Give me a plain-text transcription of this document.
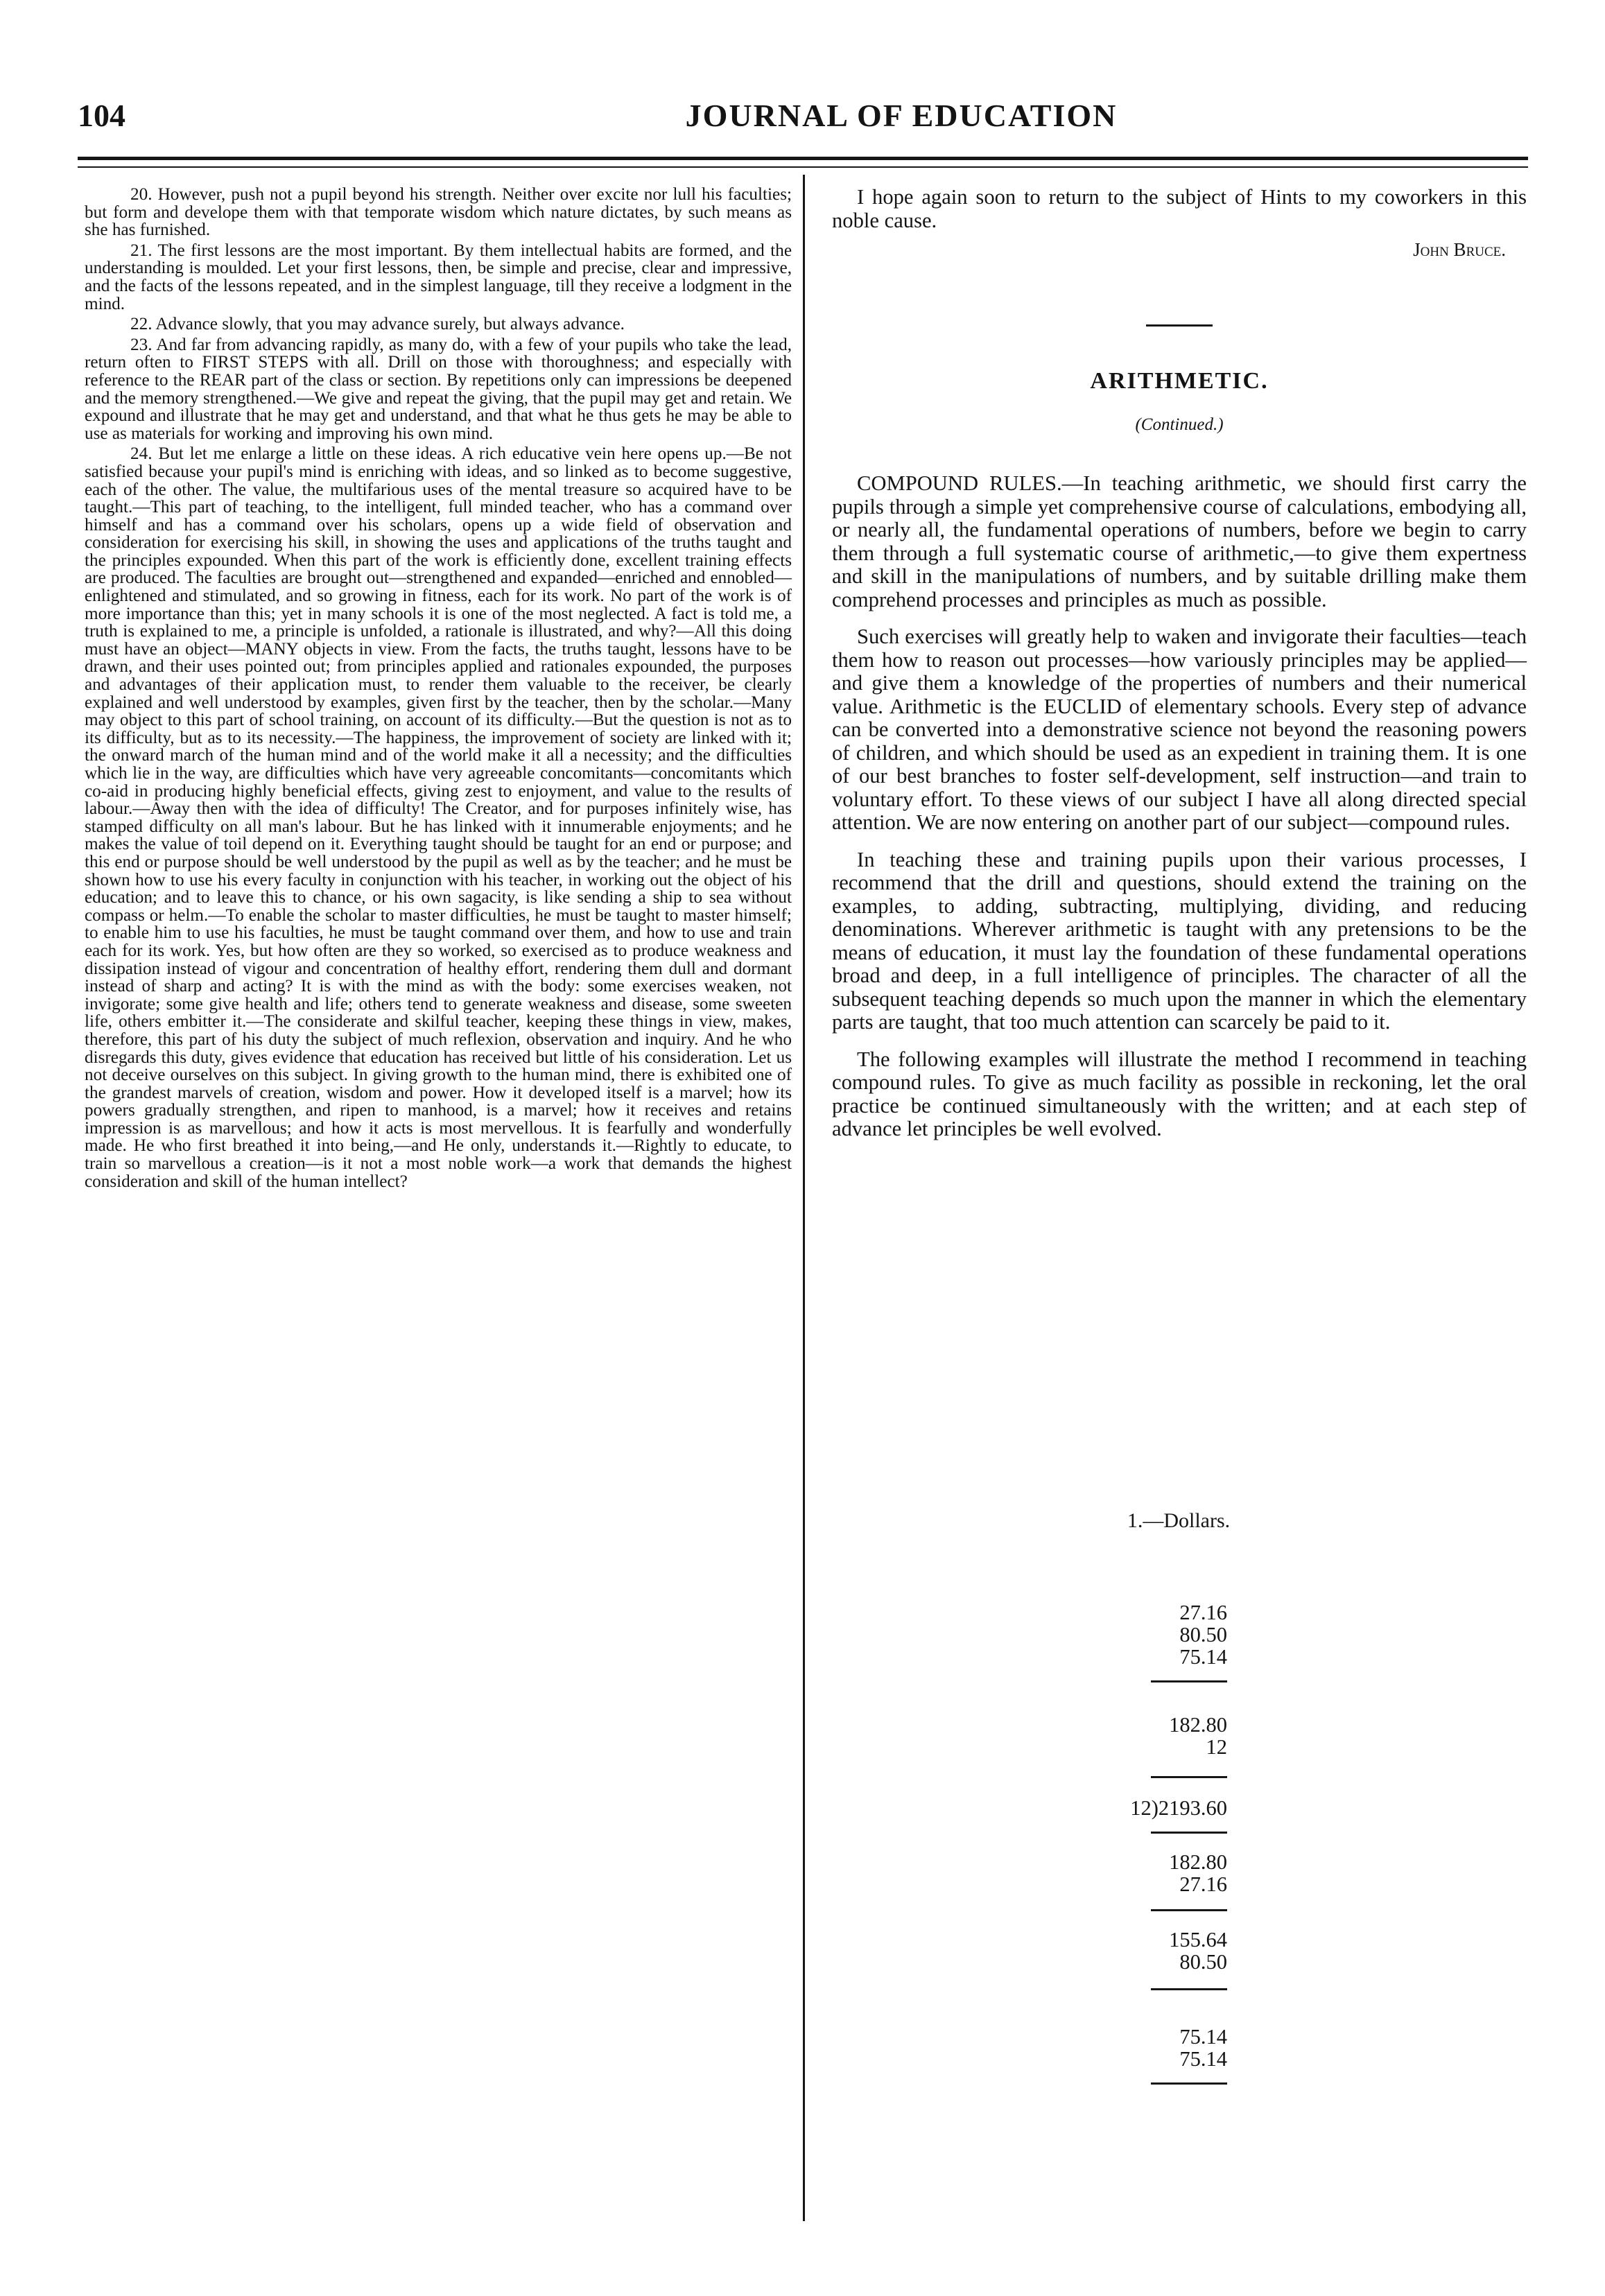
104	JOURNAL OF EDUCATION

20. However, push not a pupil beyond his strength. Neither over excite nor lull his faculties; but form and develope them with that temporate wisdom which nature dictates, by such means as she has furnished.

21. The first lessons are the most important. By them intellectual habits are formed, and the understanding is moulded. Let your first lessons, then, be simple and precise, clear and impressive, and the facts of the lessons repeated, and in the simplest language, till they receive a lodgment in the mind.

22. Advance slowly, that you may advance surely, but always advance.

23. And far from advancing rapidly, as many do, with a few of your pupils who take the lead, return often to FIRST STEPS with all. Drill on those with thoroughness; and especially with reference to the REAR part of the class or section. By repetitions only can impressions be deepened and the memory strengthened.—We give and repeat the giving, that the pupil may get and retain. We expound and illustrate that he may get and understand, and that what he thus gets he may be able to use as materials for working and improving his own mind.

24. But let me enlarge a little on these ideas. A rich educative vein here opens up.—Be not satisfied because your pupil's mind is enriching with ideas, and so linked as to become suggestive, each of the other. The value, the multifarious uses of the mental treasure so acquired have to be taught.—This part of teaching, to the intelligent, full minded teacher, who has a command over himself and has a command over his scholars, opens up a wide field of observation and consideration for exercising his skill, in showing the uses and applications of the truths taught and the principles expounded. When this part of the work is efficiently done, excellent training effects are produced. The faculties are brought out—strengthened and expanded—enriched and ennobled—enlightened and stimulated, and so growing in fitness, each for its work. No part of the work is of more importance than this; yet in many schools it is one of the most neglected. A fact is told me, a truth is explained to me, a principle is unfolded, a rationale is illustrated, and why?—All this doing must have an object—MANY objects in view. From the facts, the truths taught, lessons have to be drawn, and their uses pointed out; from principles applied and rationales expounded, the purposes and advantages of their application must, to render them valuable to the receiver, be clearly explained and well understood by examples, given first by the teacher, then by the scholar.—Many may object to this part of school training, on account of its difficulty.—But the question is not as to its difficulty, but as to its necessity.—The happiness, the improvement of society are linked with it; the onward march of the human mind and of the world make it all a necessity; and the difficulties which lie in the way, are difficulties which have very agreeable concomitants—concomitants which co-aid in producing highly beneficial effects, giving zest to enjoyment, and value to the results of labour.—Away then with the idea of difficulty! The Creator, and for purposes infinitely wise, has stamped difficulty on all man's labour. But he has linked with it innumerable enjoyments; and he makes the value of toil depend on it. Everything taught should be taught for an end or purpose; and this end or purpose should be well understood by the pupil as well as by the teacher; and he must be shown how to use his every faculty in conjunction with his teacher, in working out the object of his education; and to leave this to chance, or his own sagacity, is like sending a ship to sea without compass or helm.—To enable the scholar to master difficulties, he must be taught to master himself; to enable him to use his faculties, he must be taught command over them, and how to use and train each for its work. Yes, but how often are they so worked, so exercised as to produce weakness and dissipation instead of vigour and concentration of healthy effort, rendering them dull and dormant instead of sharp and acting? It is with the mind as with the body: some exercises weaken, not invigorate; some give health and life; others tend to generate weakness and disease, some sweeten life, others embitter it.—The considerate and skilful teacher, keeping these things in view, makes, therefore, this part of his duty the subject of much reflexion, observation and inquiry. And he who disregards this duty, gives evidence that education has received but little of his consideration. Let us not deceive ourselves on this subject. In giving growth to the human mind, there is exhibited one of the grandest marvels of creation, wisdom and power. How it developed itself is a marvel; how its powers gradually strengthen, and ripen to manhood, is a marvel; how it receives and retains impression is as marvellous; and how it acts is most mervellous. It is fearfully and wonderfully made. He who first breathed it into being,—and He only, understands it.—Rightly to educate, to train so marvellous a creation—is it not a most noble work—a work that demands the highest consideration and skill of the human intellect?

I hope again soon to return to the subject of Hints to my coworkers in this noble cause.

John Bruce.
ARITHMETIC.
(Continued.)

COMPOUND RULES.—In teaching arithmetic, we should first carry the pupils through a simple yet comprehensive course of calculations, embodying all, or nearly all, the fundamental operations of numbers, before we begin to carry them through a full systematic course of arithmetic,—to give them expertness and skill in the manipulations of numbers, and by suitable drilling make them comprehend processes and principles as much as possible.

Such exercises will greatly help to waken and invigorate their faculties—teach them how to reason out processes—how variously principles may be applied—and give them a knowledge of the properties of numbers and their numerical value. Arithmetic is the EUCLID of elementary schools. Every step of advance can be converted into a demonstrative science not beyond the reasoning powers of children, and which should be used as an expedient in training them. It is one of our best branches to foster self-development, self instruction—and train to voluntary effort. To these views of our subject I have all along directed special attention. We are now entering on another part of our subject—compound rules.

In teaching these and training pupils upon their various processes, I recommend that the drill and questions, should extend the training on the examples, to adding, subtracting, multiplying, dividing, and reducing denominations. Wherever arithmetic is taught with any pretensions to be the means of education, it must lay the foundation of these fundamental operations broad and deep, in a full intelligence of principles. The character of all the subsequent teaching depends so much upon the manner in which the elementary parts are taught, that too much attention can scarcely be paid to it.

The following examples will illustrate the method I recommend in teaching compound rules. To give as much facility as possible in reckoning, let the oral practice be continued simultaneously with the written; and at each step of advance let principles be well evolved.

1.—Dollars.
27.16
80.50
75.14
182.80
12
12)2193.60
182.80
27.16
155.64
80.50
75.14
75.14
